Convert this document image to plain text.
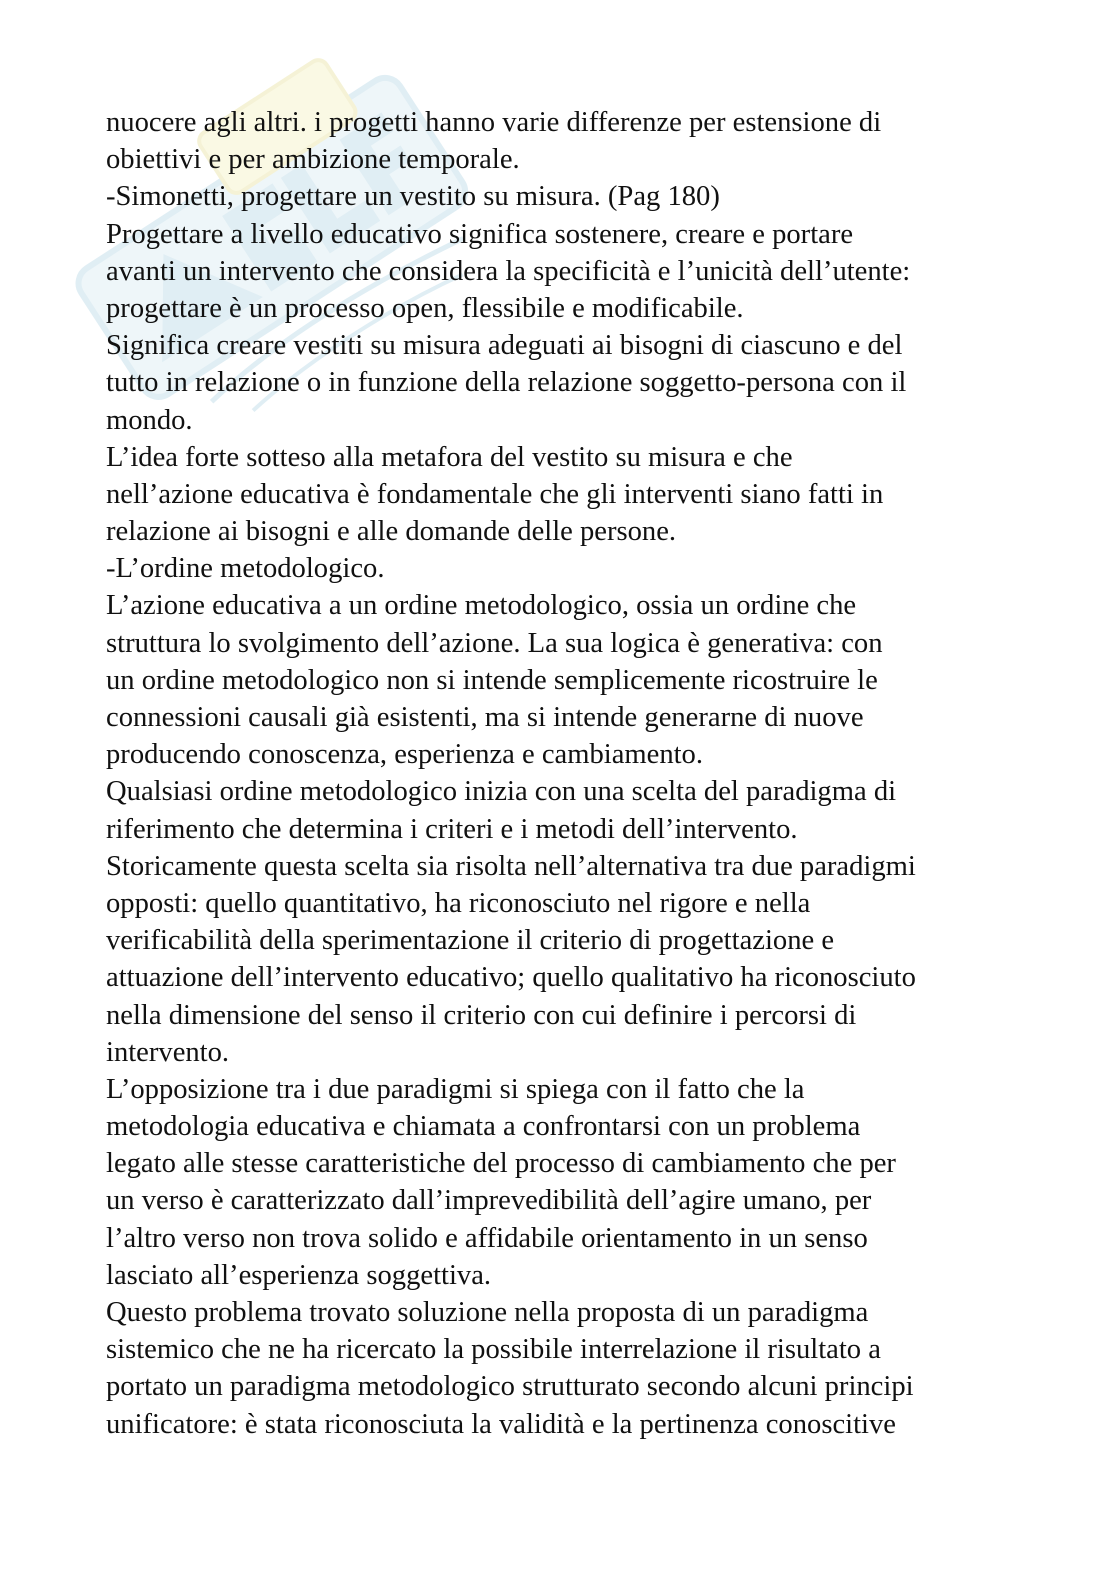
nuocere agli altri. i progetti hanno varie differenze per estensione di
obiettivi e per ambizione temporale.
-Simonetti, progettare un vestito su misura. (Pag 180)
Progettare a livello educativo significa sostenere, creare e portare
avanti un intervento che considera la specificità e l’unicità dell’utente:
progettare è un processo open, flessibile e modificabile.
Significa creare vestiti su misura adeguati ai bisogni di ciascuno e del
tutto in relazione o in funzione della relazione soggetto-persona con il
mondo.
L’idea forte sotteso alla metafora del vestito su misura e che
nell’azione educativa è fondamentale che gli interventi siano fatti in
relazione ai bisogni e alle domande delle persone.
-L’ordine metodologico.
L’azione educativa a un ordine metodologico, ossia un ordine che
struttura lo svolgimento dell’azione. La sua logica è generativa: con
un ordine metodologico non si intende semplicemente ricostruire le
connessioni causali già esistenti, ma si intende generarne di nuove
producendo conoscenza, esperienza e cambiamento.
Qualsiasi ordine metodologico inizia con una scelta del paradigma di
riferimento che determina i criteri e i metodi dell’intervento.
Storicamente questa scelta sia risolta nell’alternativa tra due paradigmi
opposti: quello quantitativo, ha riconosciuto nel rigore e nella
verificabilità della sperimentazione il criterio di progettazione e
attuazione dell’intervento educativo; quello qualitativo ha riconosciuto
nella dimensione del senso il criterio con cui definire i percorsi di
intervento.
L’opposizione tra i due paradigmi si spiega con il fatto che la
metodologia educativa e chiamata a confrontarsi con un problema
legato alle stesse caratteristiche del processo di cambiamento che per
un verso è caratterizzato dall’imprevedibilità dell’agire umano, per
l’altro verso non trova solido e affidabile orientamento in un senso
lasciato all’esperienza soggettiva.
Questo problema trovato soluzione nella proposta di un paradigma
sistemico che ne ha ricercato la possibile interrelazione il risultato a
portato un paradigma metodologico strutturato secondo alcuni principi
unificatore: è stata riconosciuta la validità e la pertinenza conoscitive
